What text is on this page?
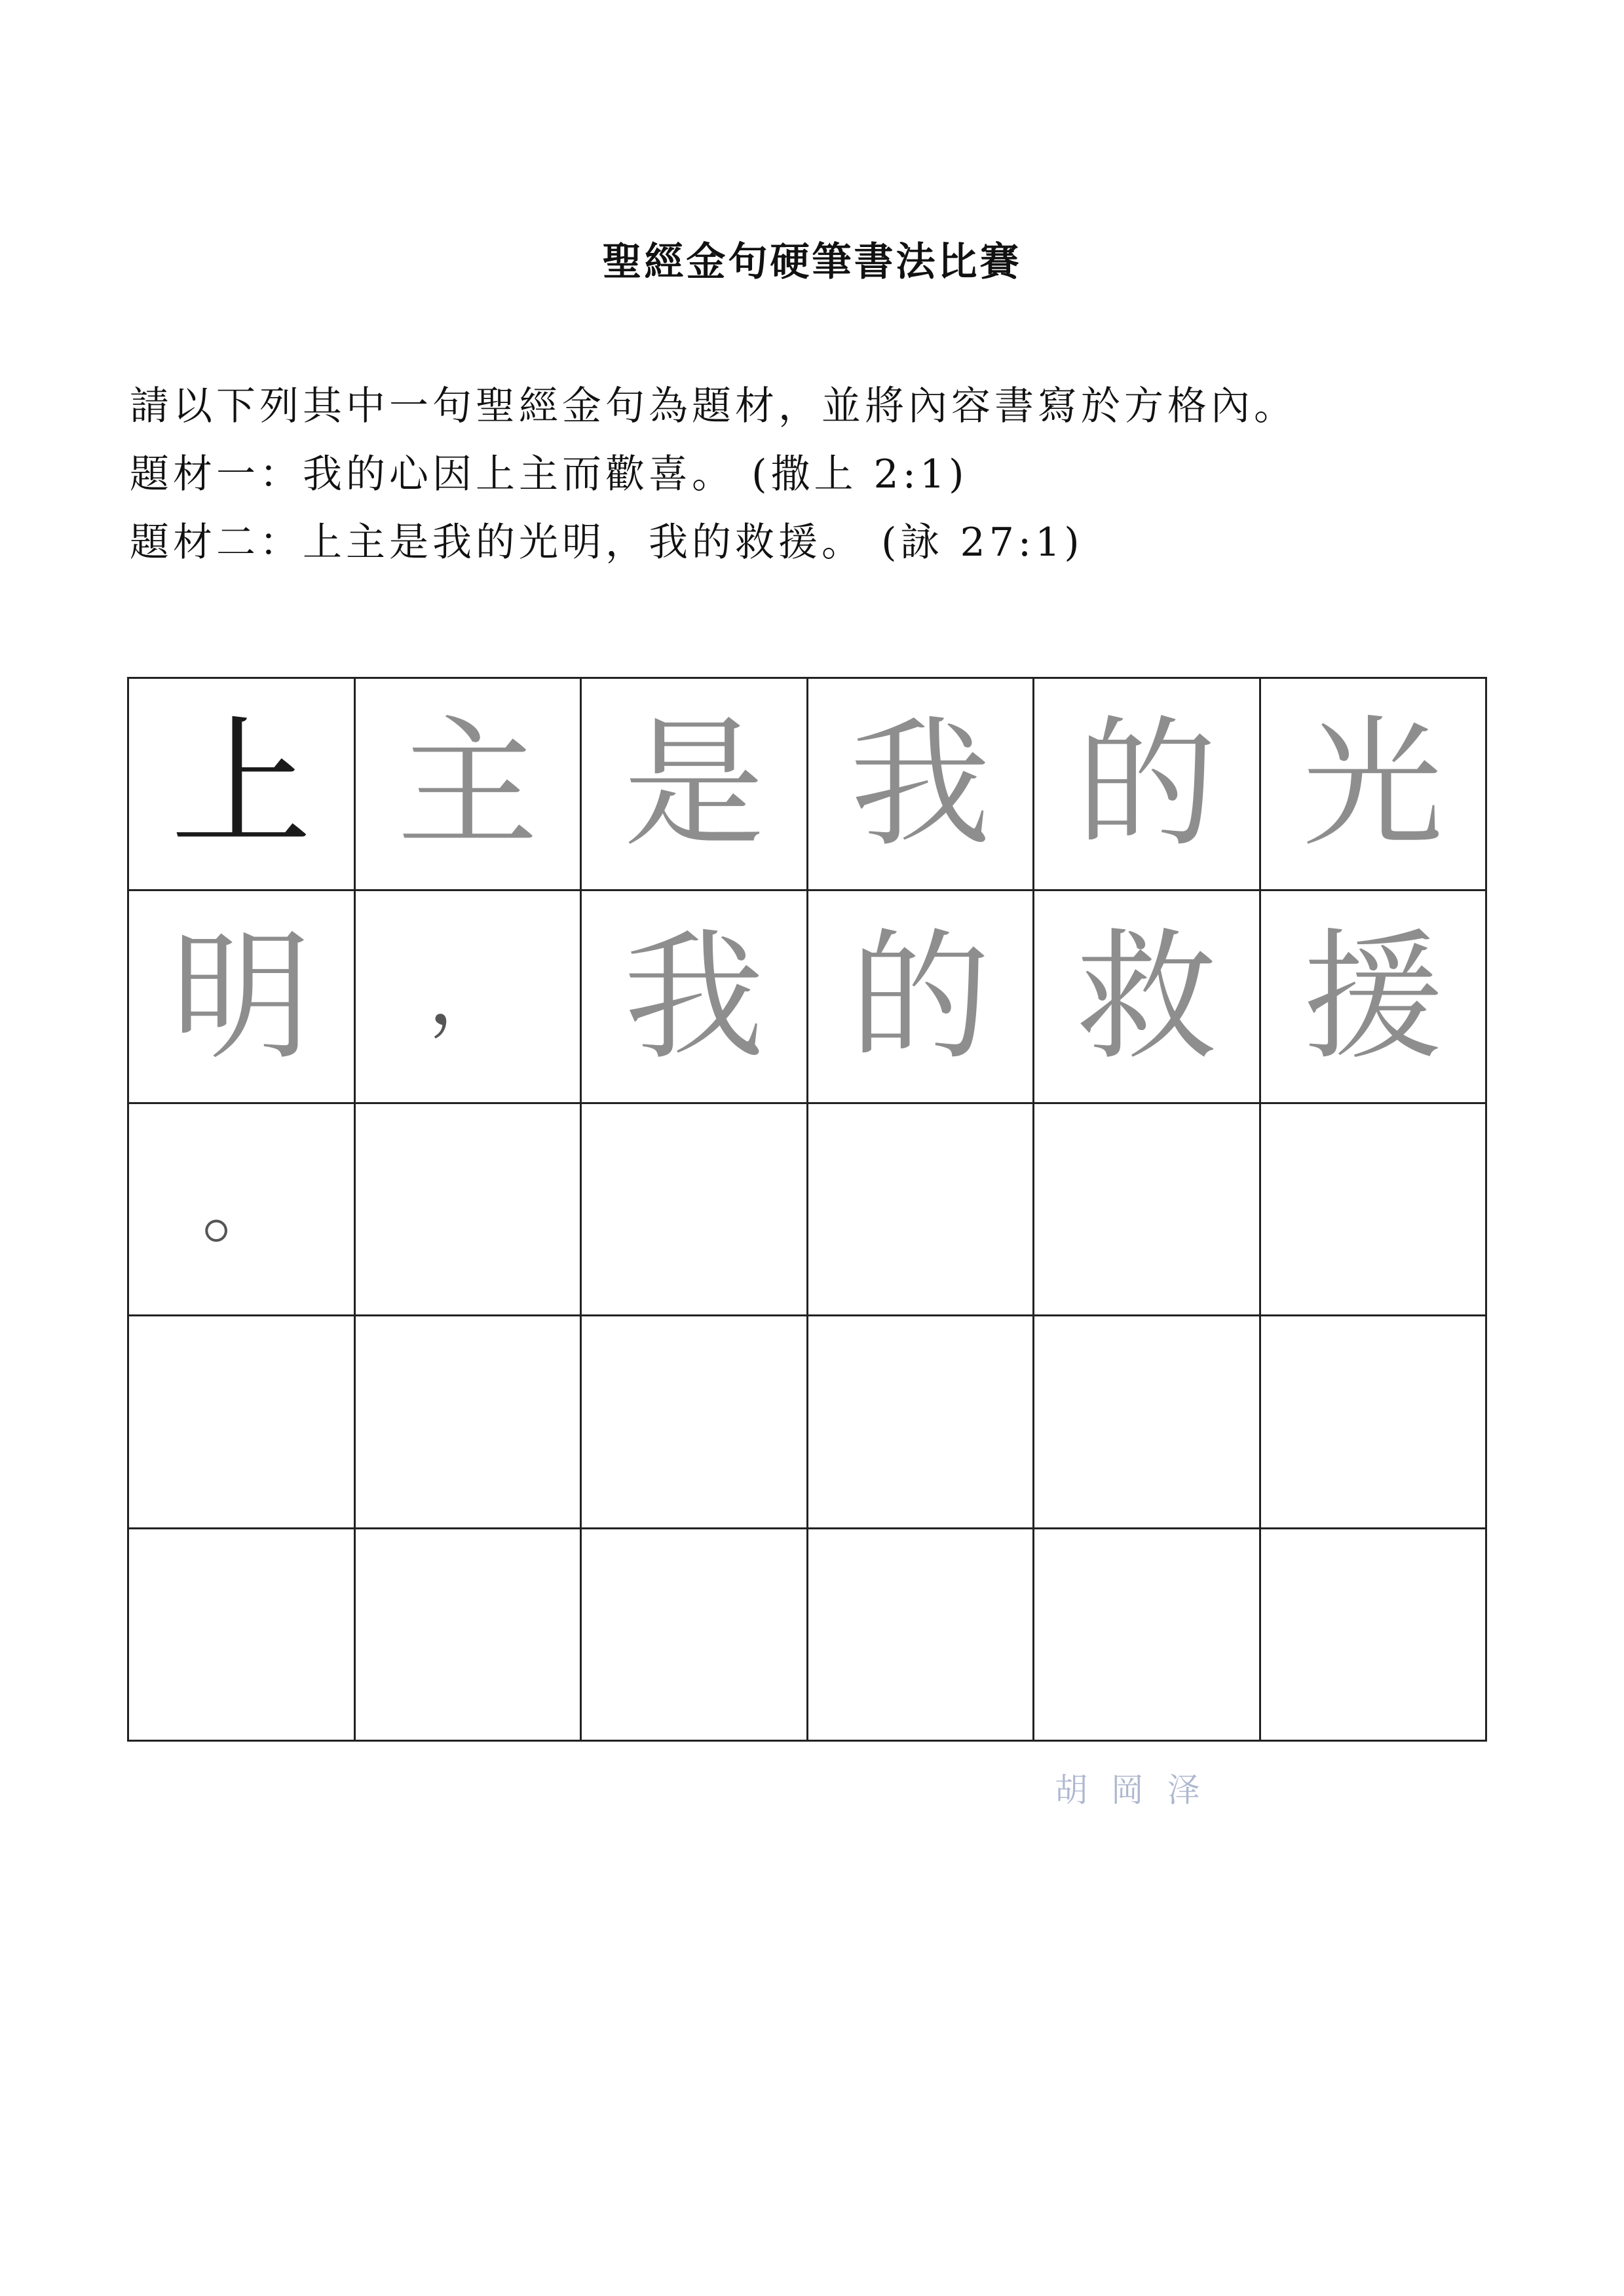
聖經金句硬筆書法比賽
請以下列其中一句聖經金句為題材，並將內容書寫於方格內。
題材一：我的心因上主而歡喜。 (撒上 2:1)
題材二：上主是我的光明，我的救援。 (詠 27:1)
上 主 是 我 的 光
明 ， 我 的 救 援
。
胡 岡 泽
